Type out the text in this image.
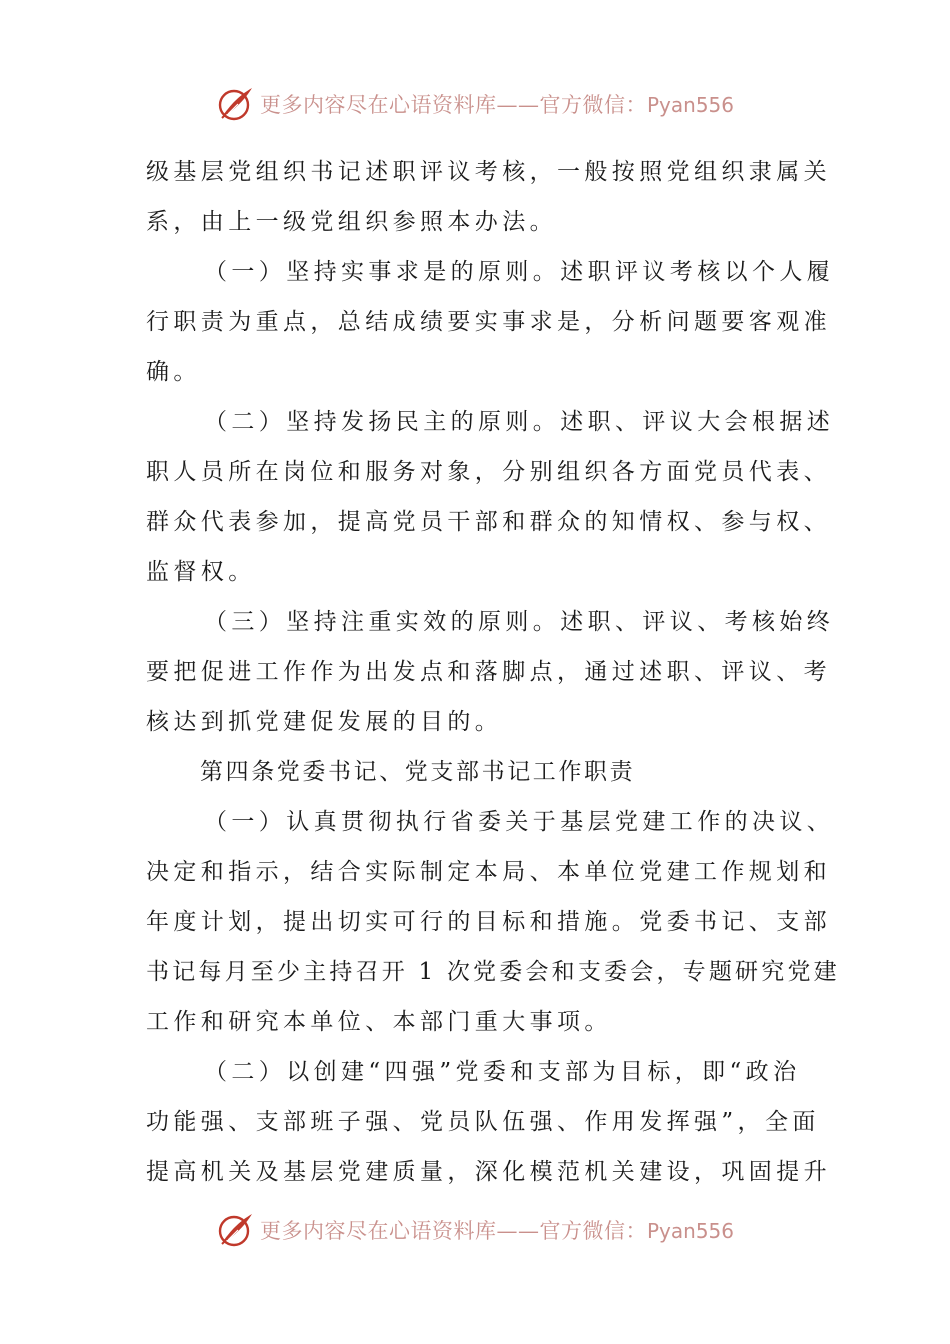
更多内容尽在心语资料库 —— 官方微信： Pyan556
级基层党组织书记述职评议考核，一般按照党组织隶属关
系，由上一级党组织参照本办法。
（一）坚持实事求是的原则。述职评议考核以个人履
行职责为重点，总结成绩要实事求是，分析问题要客观准
确。
（二）坚持发扬民主的原则。述职、评议大会根据述
职人员所在岗位和服务对象，分别组织各方面党员代表、
群众代表参加，提高党员干部和群众的知情权、参与权、
监督权。
（三）坚持注重实效的原则。述职、评议、考核始终
要把促进工作作为出发点和落脚点，通过述职、评议、考
核达到抓党建促发展的目的。
第四条党委书记、党支部书记工作职责
（一）认真贯彻执行省委关于基层党建工作的决议、
决定和指示，结合实际制定本局、本单位党建工作规划和
年度计划，提出切实可行的目标和措施。党委书记、支部
书记每月至少主持召开 1 次党委会和支委会，专题研究党建
工作和研究本单位、本部门重大事项。
（二）以创建“四强”党委和支部为目标，即“政治
功能强、支部班子强、党员队伍强、作用发挥强”，全面
提高机关及基层党建质量，深化模范机关建设，巩固提升
更多内容尽在心语资料库 —— 官方微信： Pyan556
